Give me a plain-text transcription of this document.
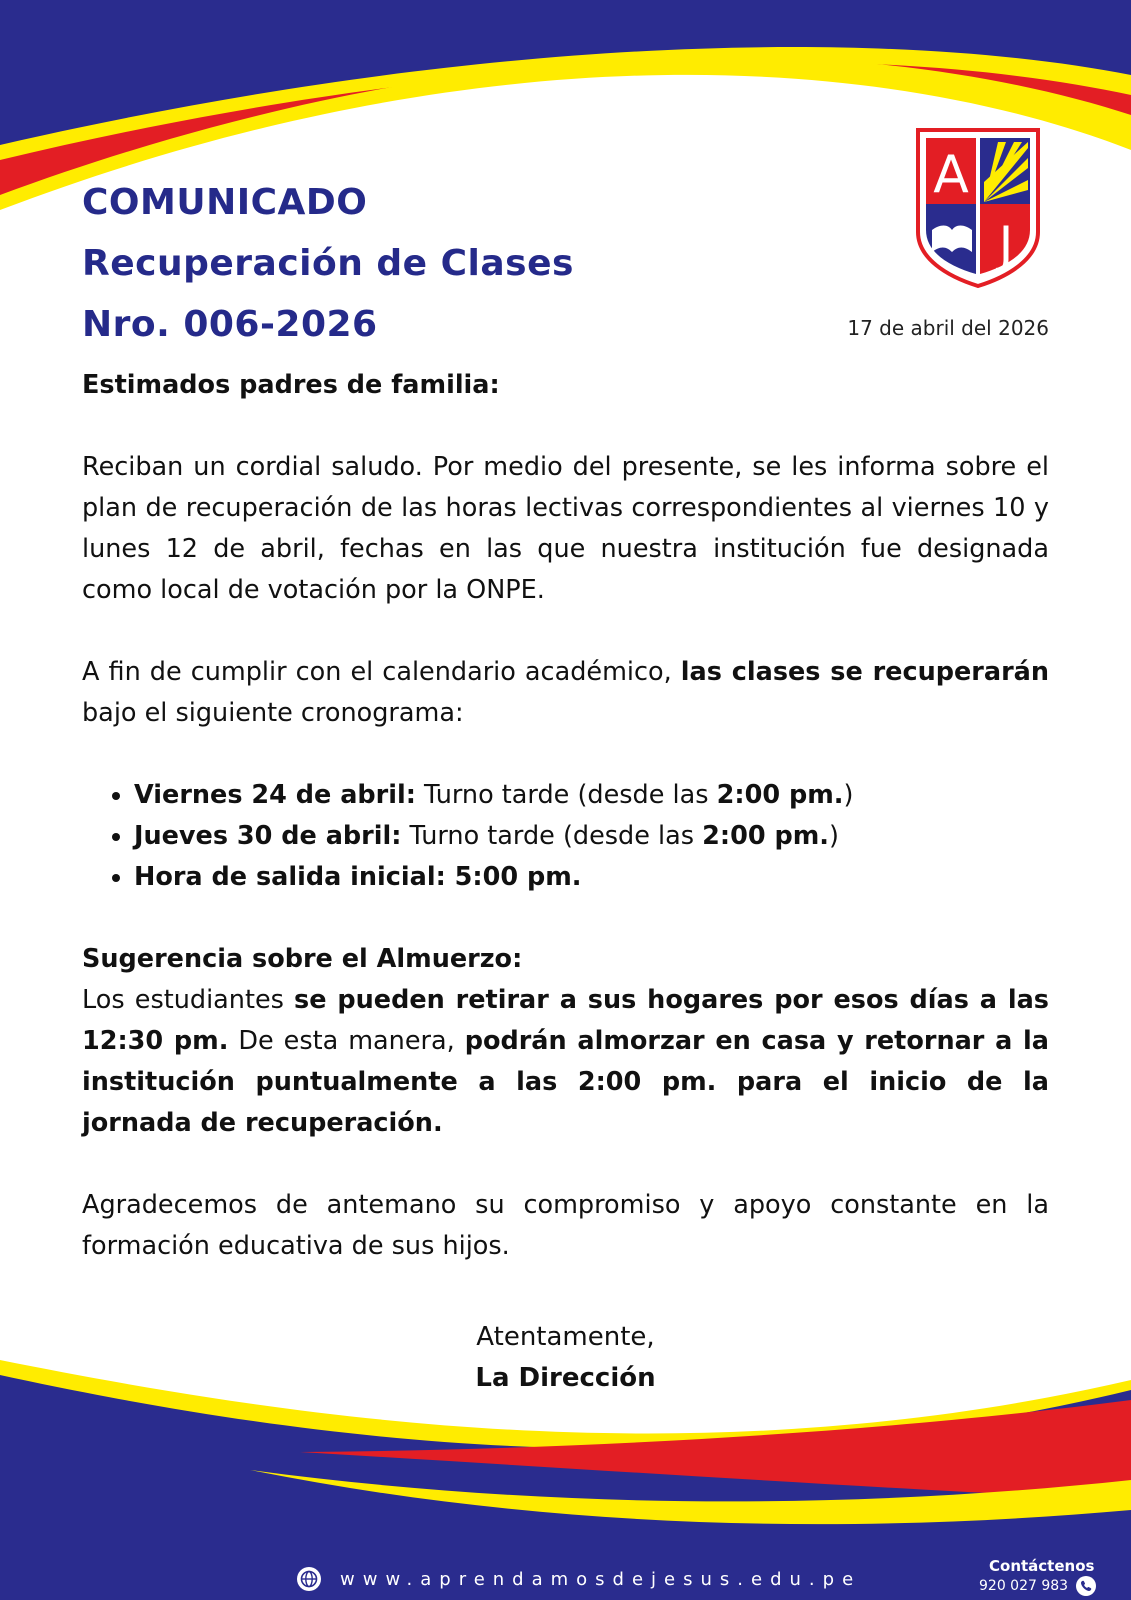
A
J
COMUNICADO
Recuperación de Clases
Nro. 006-2026	17 de abril del 2026

Estimados padres de familia:

Reciban un cordial saludo. Por medio del presente, se les informa sobre el plan de recuperación de las horas lectivas correspondientes al viernes 10 y lunes 12 de abril, fechas en las que nuestra institución fue designada como local de votación por la ONPE.

A fin de cumplir con el calendario académico, las clases se recuperarán bajo el siguiente cronograma:

• Viernes 24 de abril: Turno tarde (desde las 2:00 pm.)
• Jueves 30 de abril: Turno tarde (desde las 2:00 pm.)
• Hora de salida inicial: 5:00 pm.

Sugerencia sobre el Almuerzo:

Los estudiantes se pueden retirar a sus hogares por esos días a las 12:30 pm. De esta manera, podrán almorzar en casa y retornar a la institución puntualmente a las 2:00 pm. para el inicio de la jornada de recuperación.

Agradecemos de antemano su compromiso y apoyo constante en la formación educativa de sus hijos.

Atentamente,
La Dirección
www.aprendamosdejesus.edu.pe
Contáctenos
920 027 983
